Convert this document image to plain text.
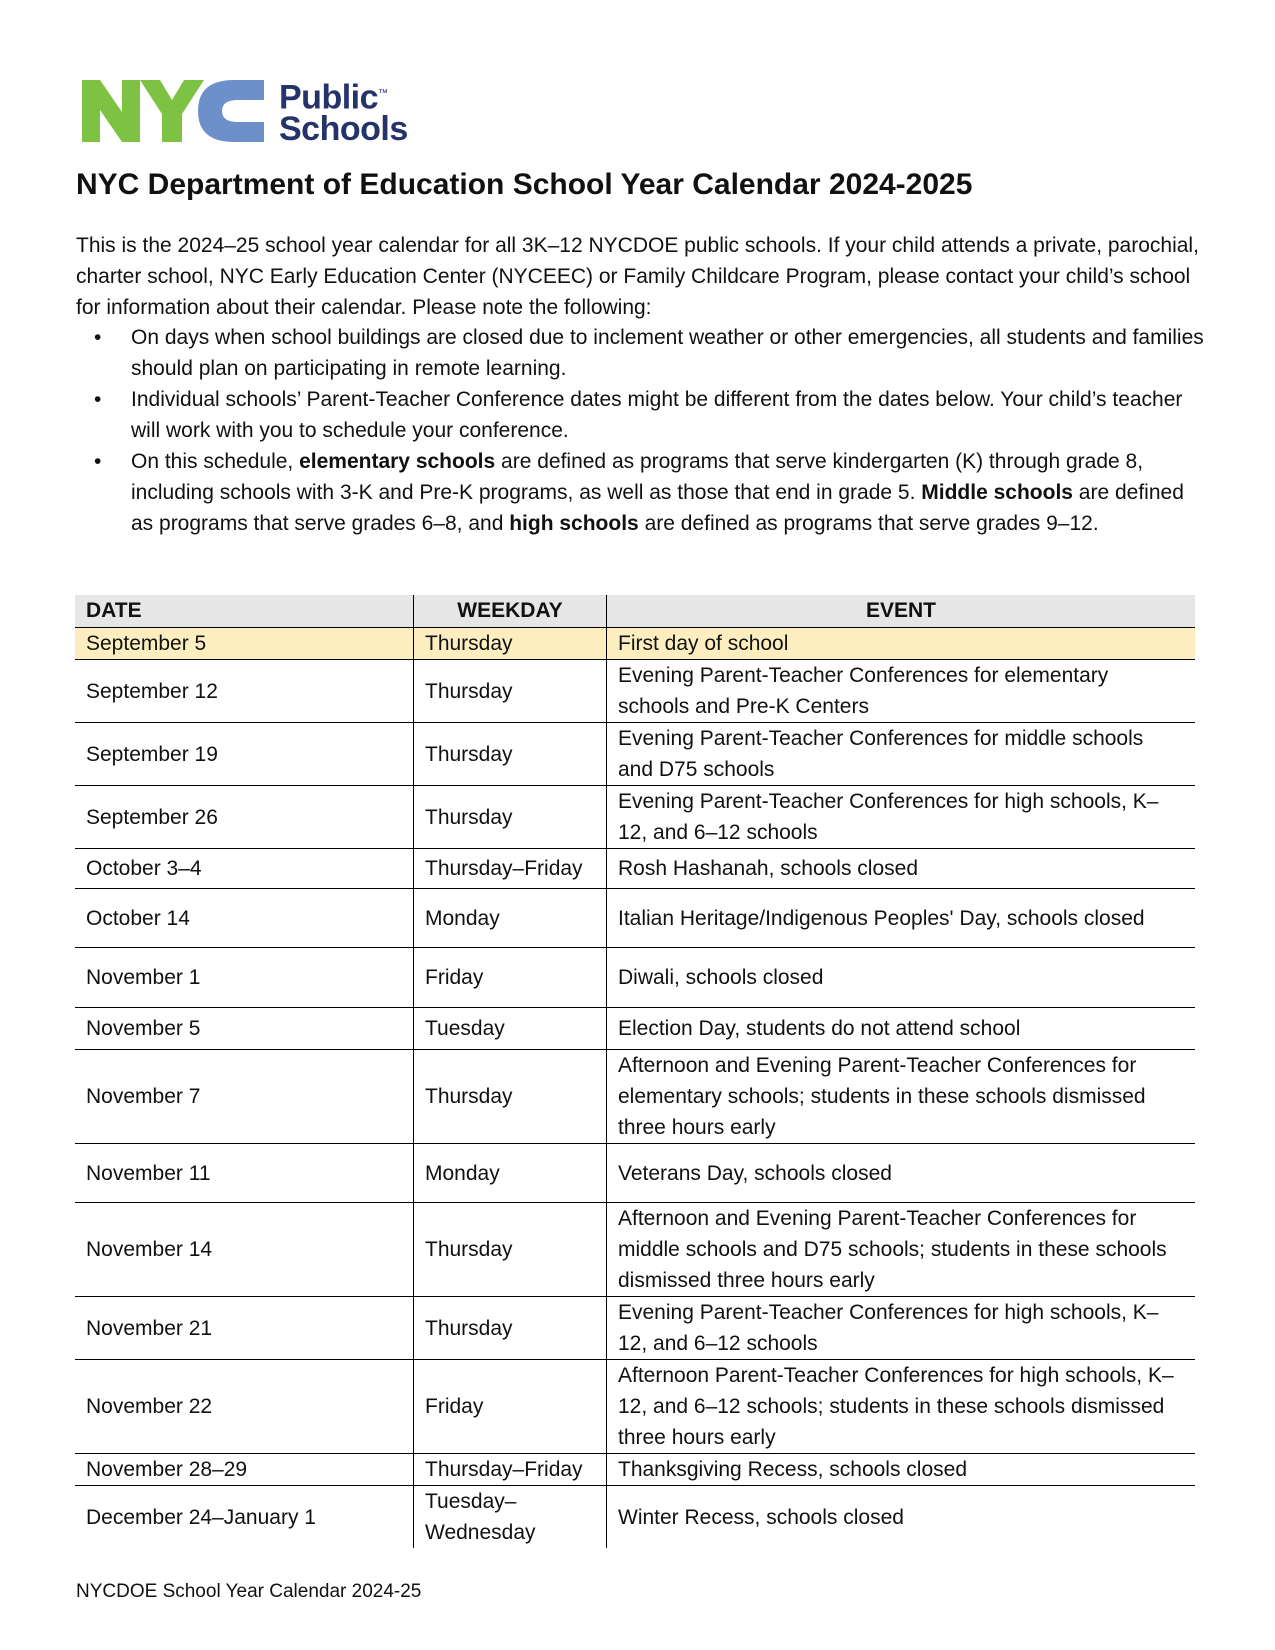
Public™
Schools
NYC Department of Education School Year Calendar 2024-2025

This is the 2024–25 school year calendar for all 3K–12 NYCDOE public schools. If your child attends a private, parochial, charter school, NYC Early Education Center (NYCEEC) or Family Childcare Program, please contact your child’s school for information about their calendar. Please note the following:

• On days when school buildings are closed due to inclement weather or other emergencies, all students and families should plan on participating in remote learning.
• Individual schools’ Parent-Teacher Conference dates might be different from the dates below. Your child’s teacher will work with you to schedule your conference.
• On this schedule, elementary schools are defined as programs that serve kindergarten (K) through grade 8, including schools with 3-K and Pre-K programs, as well as those that end in grade 5. Middle schools are defined as programs that serve grades 6–8, and high schools are defined as programs that serve grades 9–12.
DATE	WEEKDAY	EVENT
September 5	Thursday	First day of school
September 12	Thursday	Evening Parent-Teacher Conferences for elementary schools and Pre-K Centers
September 19	Thursday	Evening Parent-Teacher Conferences for middle schools and D75 schools
September 26	Thursday	Evening Parent-Teacher Conferences for high schools, K–12, and 6–12 schools
October 3–4	Thursday–Friday	Rosh Hashanah, schools closed
October 14	Monday	Italian Heritage/Indigenous Peoples' Day, schools closed
November 1	Friday	Diwali, schools closed
November 5	Tuesday	Election Day, students do not attend school
November 7	Thursday	Afternoon and Evening Parent-Teacher Conferences for elementary schools; students in these schools dismissed three hours early
November 11	Monday	Veterans Day, schools closed
November 14	Thursday	Afternoon and Evening Parent-Teacher Conferences for middle schools and D75 schools; students in these schools dismissed three hours early
November 21	Thursday	Evening Parent-Teacher Conferences for high schools, K–12, and 6–12 schools
November 22	Friday	Afternoon Parent-Teacher Conferences for high schools, K–12, and 6–12 schools; students in these schools dismissed three hours early
November 28–29	Thursday–Friday	Thanksgiving Recess, schools closed
December 24–January 1	Tuesday–Wednesday	Winter Recess, schools closed
NYCDOE School Year Calendar 2024-25
